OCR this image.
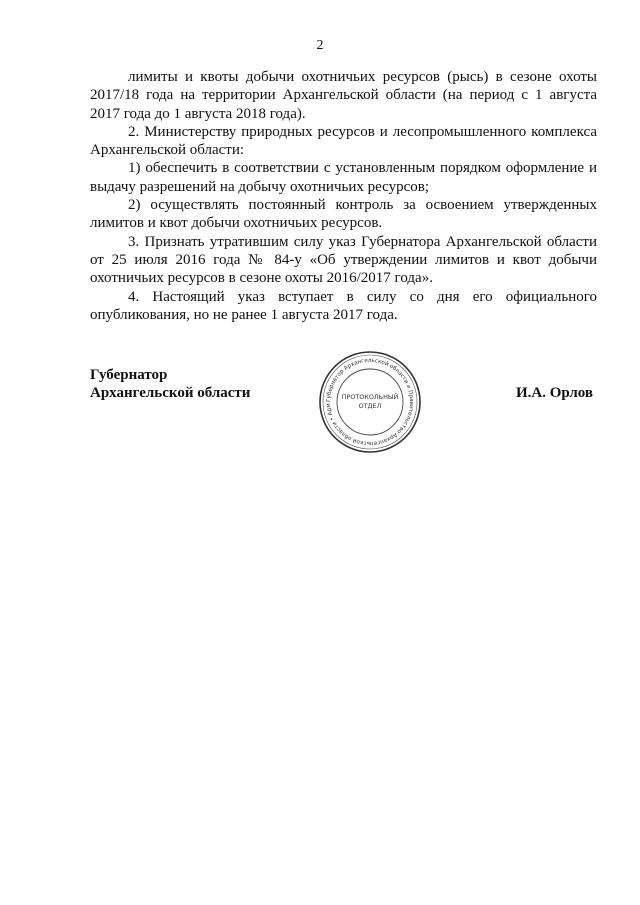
2

лимиты и квоты добычи охотничьих ресурсов (рысь) в сезоне охоты 2017/18 года на территории Архангельской области (на период с 1 августа 2017 года до 1 августа 2018 года).

2. Министерству природных ресурсов и лесопромышленного комплекса Архангельской области:

1) обеспечить в соответствии с установленным порядком оформление и выдачу разрешений на добычу охотничьих ресурсов;

2) осуществлять постоянный контроль за освоением утвержденных лимитов и квот добычи охотничьих ресурсов.

3. Признать утратившим силу указ Губернатора Архангельской области от 25 июля 2016 года № 84-у «Об утверждении лимитов и квот добычи охотничьих ресурсов в сезоне охоты 2016/2017 года».

4. Настоящий указ вступает в силу со дня его официального опубликования, но не ранее 1 августа 2017 года.

Губернатор
Архангельской области	Губернатор Архангельской области и Правительство Архангельской области • Адм
ПРОТОКОЛЬНЫЙ
ОТДЕЛ
И.А. Орлов
